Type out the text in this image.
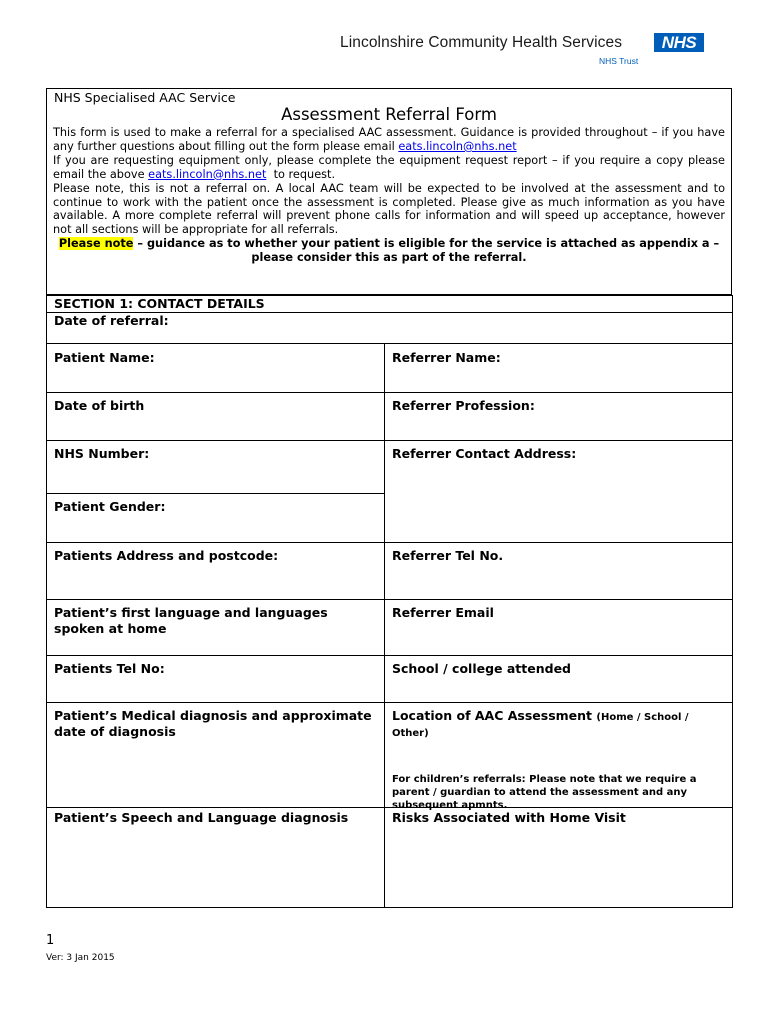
Lincolnshire Community Health Services	NHS
NHS Trust
NHS Specialised AAC Service
Assessment Referral Form

This form is used to make a referral for a specialised AAC assessment. Guidance is provided throughout – if you have any further questions about filling out the form please email eats.lincoln@nhs.net

If you are requesting equipment only, please complete the equipment request report – if you require a copy please email the above eats.lincoln@nhs.net to request.

Please note, this is not a referral on. A local AAC team will be expected to be involved at the assessment and to continue to work with the patient once the assessment is completed. Please give as much information as you have available. A more complete referral will prevent phone calls for information and will speed up acceptance, however not all sections will be appropriate for all referrals.

Please note – guidance as to whether your patient is eligible for the service is attached as appendix a – please consider this as part of the referral.

SECTION 1: CONTACT DETAILS	
Date of referral:	
Patient Name:	Referrer Name:
Date of birth	Referrer Profession:
NHS Number:	Referrer Contact Address:
Patient Gender:	
Patients Address and postcode:	Referrer Tel No.
Patient’s first language and languages spoken at home	Referrer Email
Patients Tel No:	School / college attended
Patient’s Medical diagnosis and approximate date of diagnosis	Location of AAC Assessment (Home / School / Other)
For children’s referrals: Please note that we require a parent / guardian to attend the assessment and any subsequent apmnts.

Patient’s Speech and Language diagnosis	Risks Associated with Home Visit
1
Ver: 3 Jan 2015
